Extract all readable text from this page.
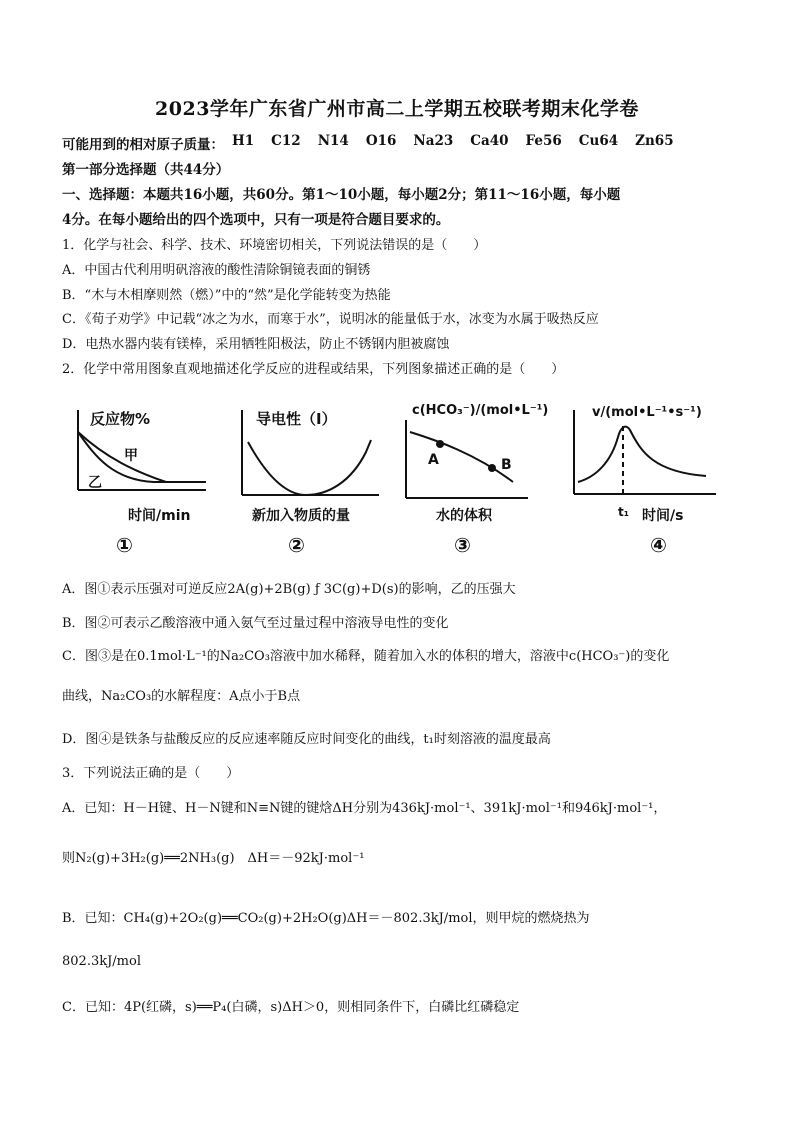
2023学年广东省广州市高二上学期五校联考期末化学卷
可能用到的相对原子质量： H1 C12 N14 O16 Na23 Ca40 Fe56 Cu64 Zn65
第一部分选择题（共44分）
一、选择题：本题共16小题，共60分。第1～10小题，每小题2分；第11～16小题，每小题
4分。在每小题给出的四个选项中，只有一项是符合题目要求的。
1．化学与社会、科学、技术、环境密切相关，下列说法错误的是（　　）
A．中国古代利用明矾溶液的酸性清除铜镜表面的铜锈
B．“木与木相摩则然（燃）”中的“然”是化学能转变为热能
C．《荀子劝学》中记载“冰之为水，而寒于水”，说明冰的能量低于水，冰变为水属于吸热反应
D．电热水器内装有镁棒，采用牺牲阳极法，防止不锈钢内胆被腐蚀
2．化学中常用图象直观地描述化学反应的进程或结果，下列图象描述正确的是（　　）
反应物%
甲
乙
时间/min
①
导电性（I）
新加入物质的量
②
c(HCO₃⁻)/(mol•L⁻¹)
A	B
水的体积
③
v/(mol•L⁻¹•s⁻¹)
t₁ 时间/s
④
A．图①表示压强对可逆反应2A(g)+2B(g) ƒ 3C(g)+D(s)的影响，乙的压强大
B．图②可表示乙酸溶液中通入氨气至过量过程中溶液导电性的变化
C．图③是在0.1mol·L⁻¹的Na₂CO₃溶液中加水稀释，随着加入水的体积的增大，溶液中c(HCO₃⁻)的变化
曲线，Na₂CO₃的水解程度：A点小于B点
D．图④是铁条与盐酸反应的反应速率随反应时间变化的曲线，t₁时刻溶液的温度最高
3．下列说法正确的是（　　）
A．已知：H－H键、H－N键和N≡N键的键焓ΔH分别为436kJ·mol⁻¹、391kJ·mol⁻¹和946kJ·mol⁻¹，
则N₂(g)+3H₂(g)══2NH₃(g)　ΔH＝－92kJ·mol⁻¹
B．已知：CH₄(g)+2O₂(g)══CO₂(g)+2H₂O(g)ΔH＝－802.3kJ/mol，则甲烷的燃烧热为
802.3kJ/mol
C．已知：4P(红磷，s)══P₄(白磷，s)ΔH＞0，则相同条件下，白磷比红磷稳定
